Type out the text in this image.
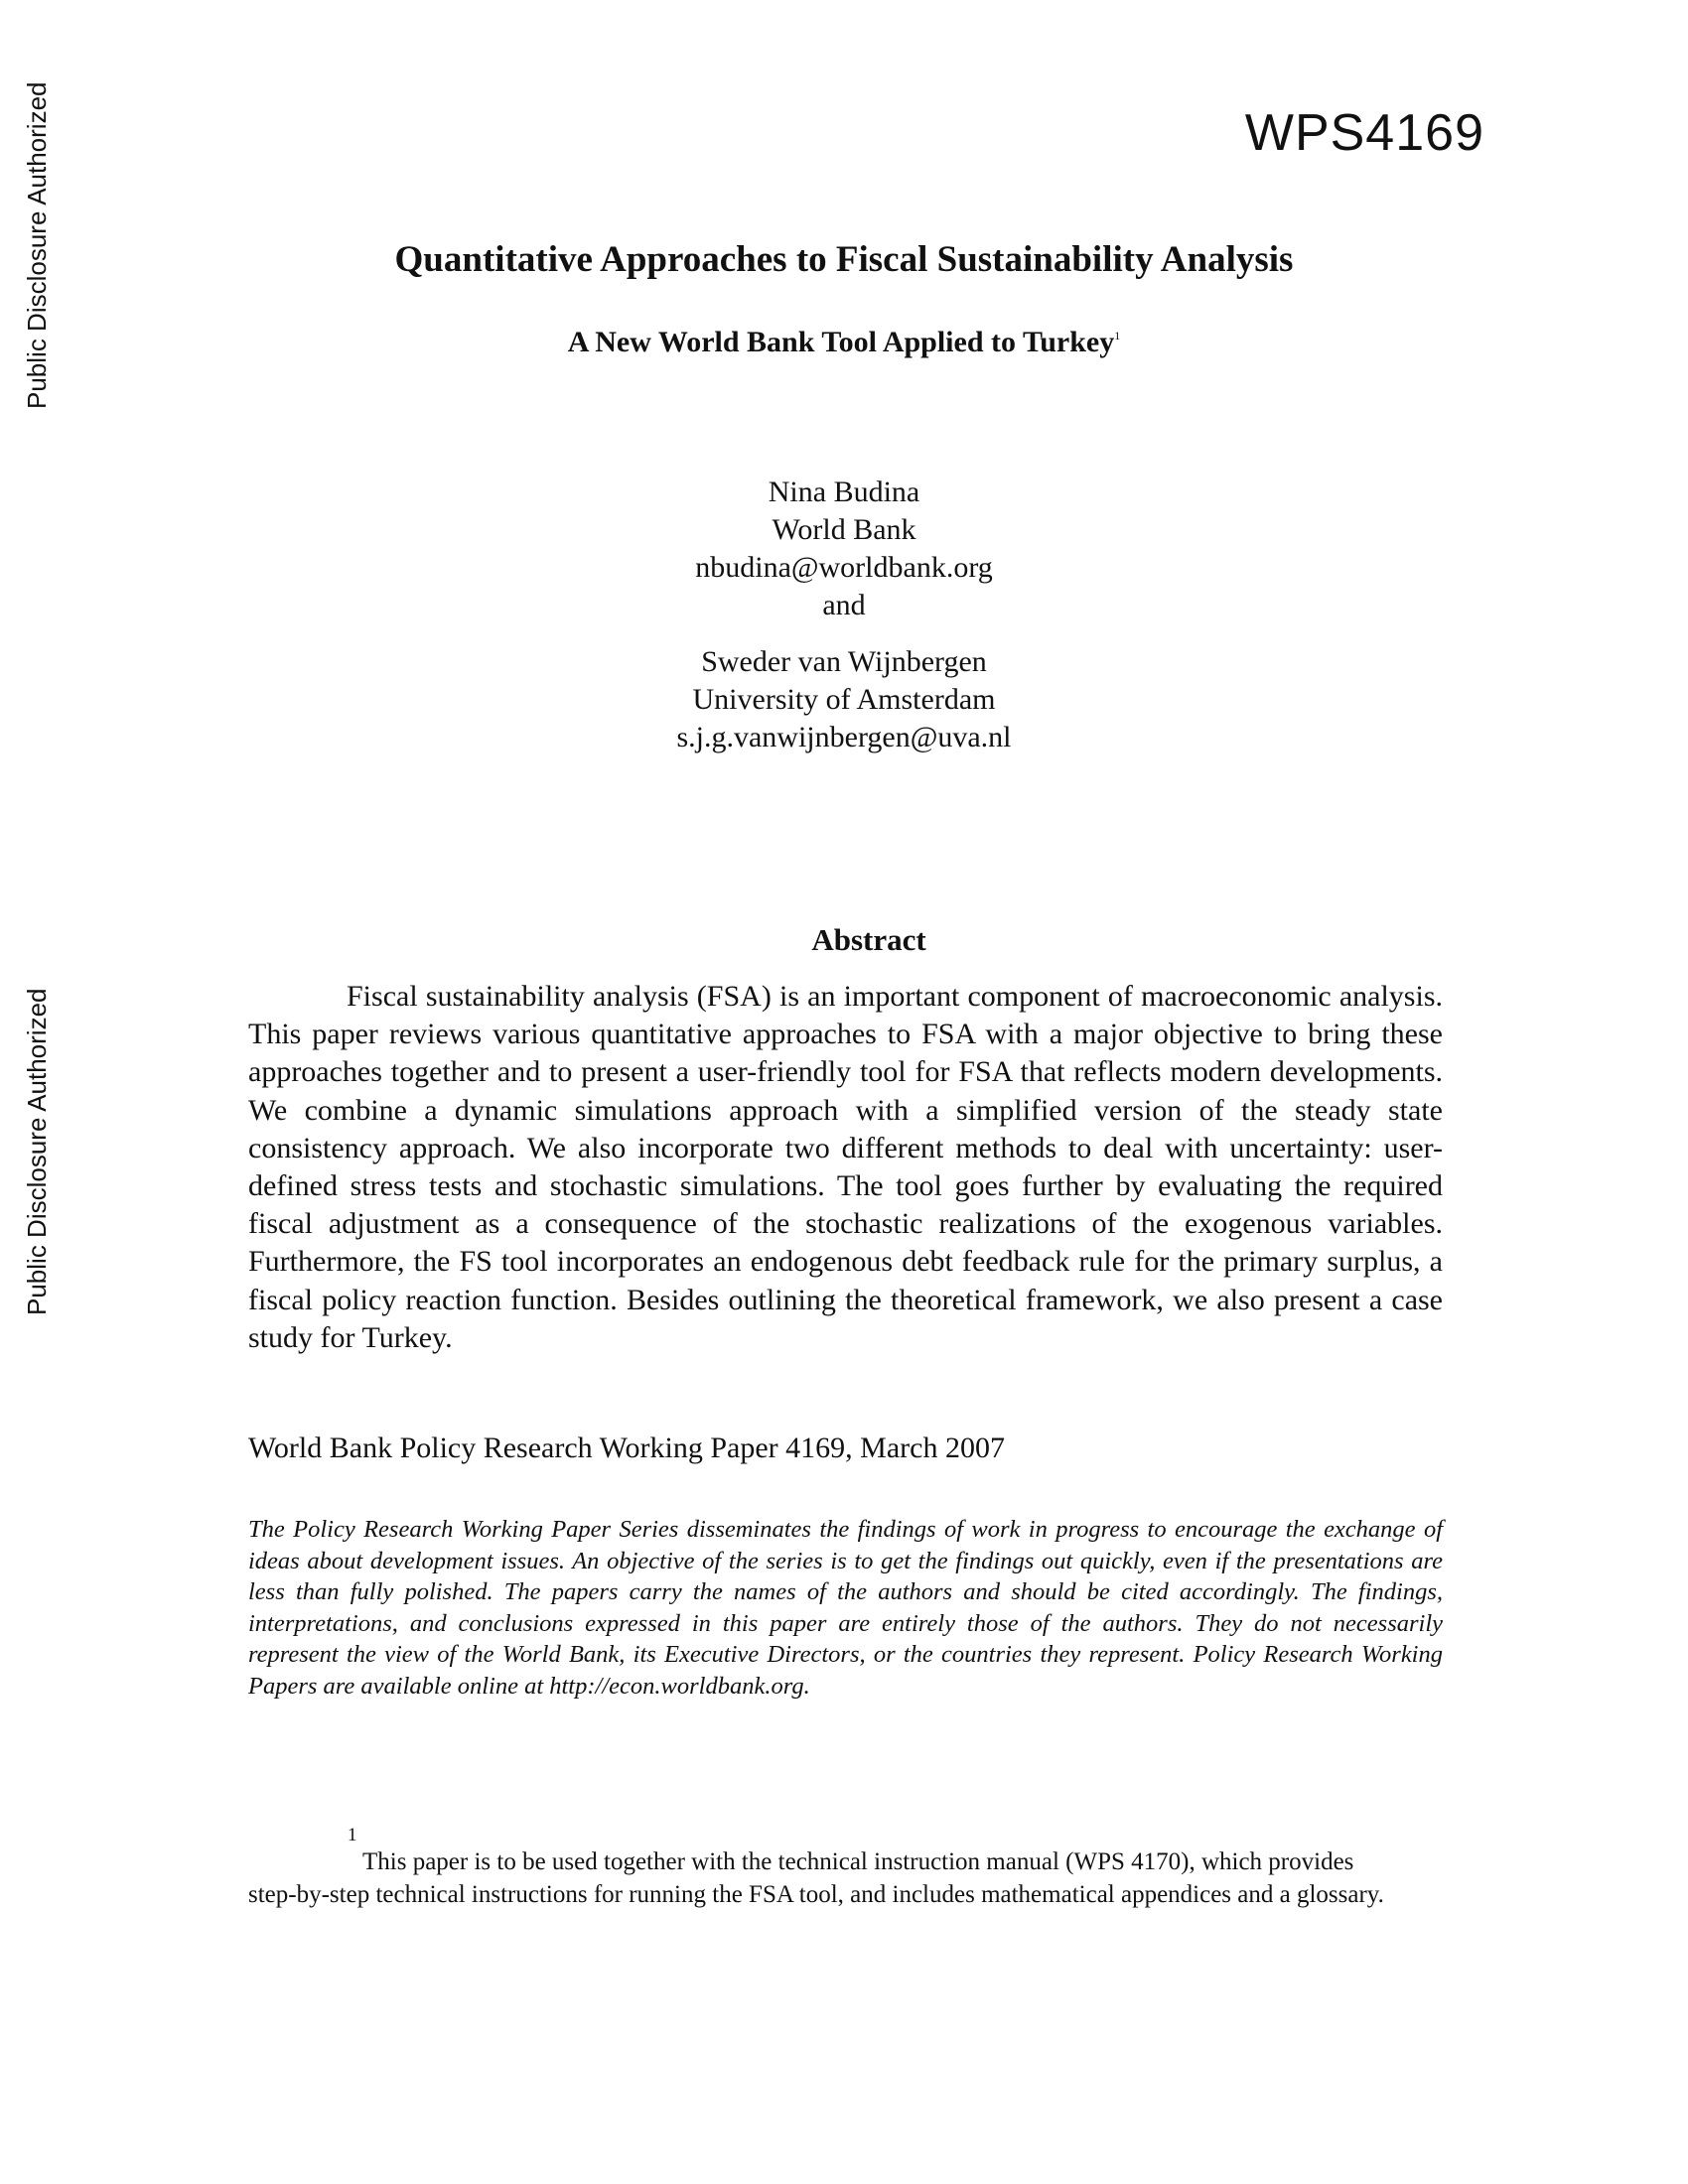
Public Disclosure Authorized
Public Disclosure Authorized
WPS4169
Quantitative Approaches to Fiscal Sustainability Analysis
A New World Bank Tool Applied to Turkey$^1$
Nina Budina
World Bank
nbudina@worldbank.org
and
Sweder van Wijnbergen
University of Amsterdam
s.j.g.vanwijnbergen@uva.nl
Abstract
Fiscal sustainability analysis (FSA) is an important component of macroeconomic analysis. This paper reviews various quantitative approaches to FSA with a major objective to bring these approaches together and to present a user-friendly tool for FSA that reflects modern developments. We combine a dynamic simulations approach with a simplified version of the steady state consistency approach. We also incorporate two different methods to deal with uncertainty: user-defined stress tests and stochastic simulations. The tool goes further by evaluating the required fiscal adjustment as a consequence of the stochastic realizations of the exogenous variables. Furthermore, the FS tool incorporates an endogenous debt feedback rule for the primary surplus, a fiscal policy reaction function. Besides outlining the theoretical framework, we also present a case study for Turkey.
World Bank Policy Research Working Paper 4169, March 2007
The Policy Research Working Paper Series disseminates the findings of work in progress to encourage the exchange of ideas about development issues. An objective of the series is to get the findings out quickly, even if the presentations are less than fully polished. The papers carry the names of the authors and should be cited accordingly. The findings, interpretations, and conclusions expressed in this paper are entirely those of the authors. They do not necessarily represent the view of the World Bank, its Executive Directors, or the countries they represent. Policy Research Working Papers are available online at http://econ.worldbank.org.
1
This paper is to be used together with the technical instruction manual (WPS 4170), which provides step-by-step technical instructions for running the FSA tool, and includes mathematical appendices and a glossary.
